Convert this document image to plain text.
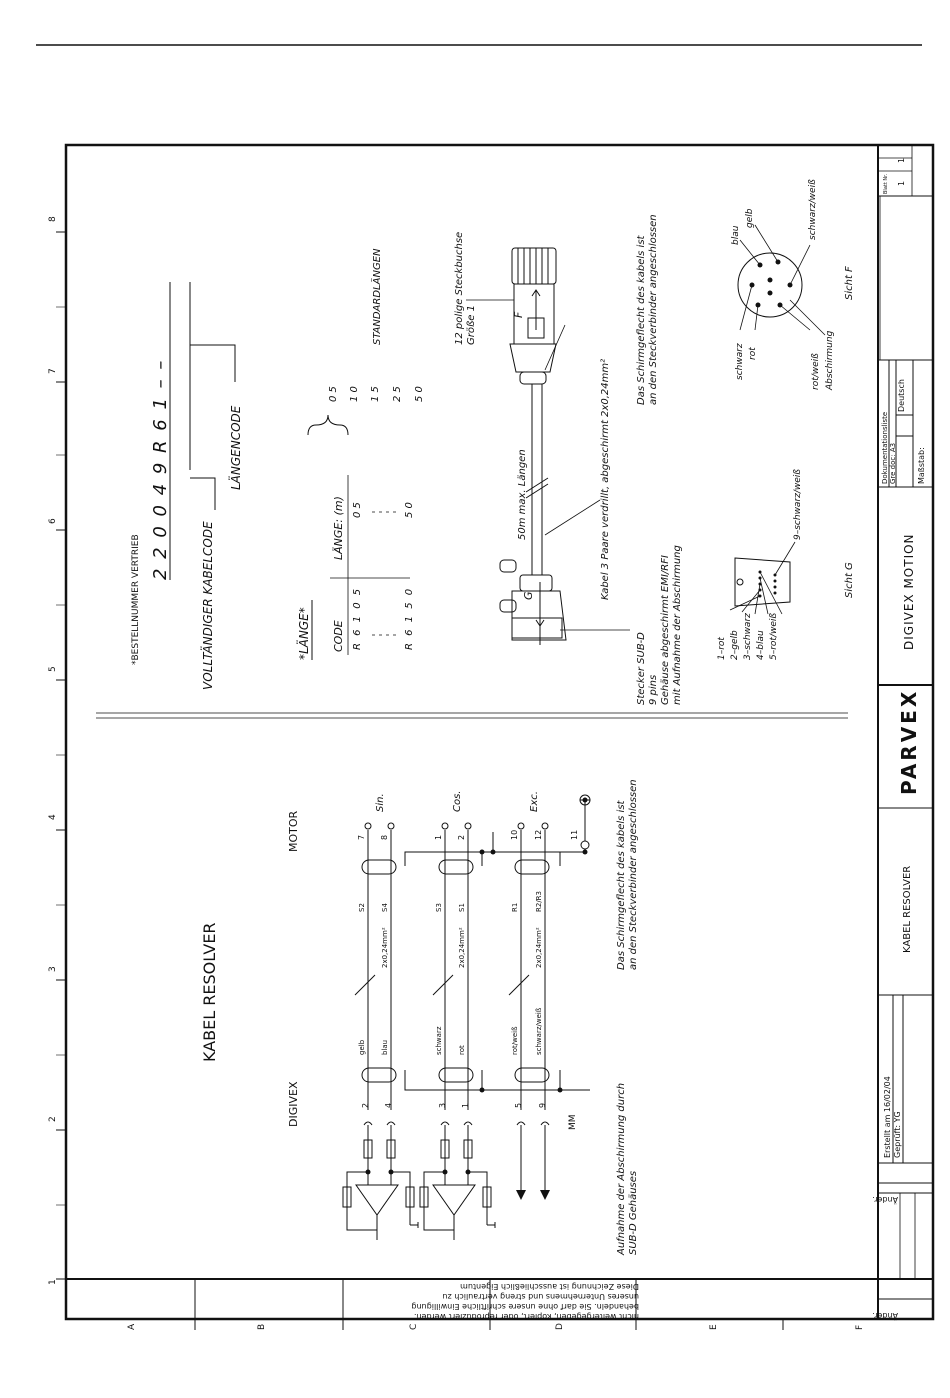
1
2
3
4
5
6
7
8
A	B	C	D	E	F
Diese Zeichnung ist ausschließlich Eigentum
unseres Unternehmens und streng vertraulich zu
behandeln. Sie darf ohne unsere schriftliche Einwilligung
nicht weitergegeben, kopiert, oder reproduziert werden.	Änder.
Änder.
Erstellt am 16/02/04 Geprüft: YG
KABEL RESOLVER
PARVEX
DIGIVEX MOTION
Dokumentationsliste Gre doc: A3
Deutsch
Maßstab:
Blatt Nr. 1
1
KABEL RESOLVER
DIGIVEX
MOTOR
2 4	3 1	5 9
MM
gelb blau	schwarz rot	rot/weiß schwarz/weiß
2x0,24mm²	2x0,24mm²	2x0,24mm²
S2 S4	S3 S1	R1 R2/R3
7 8	1 2	10 12	11
Sin.	Cos.	Exc.
Aufnahme der Abschirmung durch SUB-D Gehäuses
Das Schirmgeflecht des kabels ist an den Steckverbinder angeschlossen
*BESTELLNUMMER VERTRIEB
2 2 0 0 4 9 R 6 1 – –
VOLLTÄNDIGER KABELCODE
LÄNGENCODE
*LÄNGE* CODE
LÄNGE: (m)
R 6 1 0 5
0 5
R 6 1 5 0
5 0
0 5 1 0 1 5 2 5 5 0
STANDARDLÄNGEN	12 polige Steckbuchse Größe 1	F
50m max. Längen	Kabel 3 Paare verdrillt, abgeschirmt 2x0,24mm²
G
Stecker SUB-D 9 pins Gehäuse abgeschirmt EMI/RFI mit Aufnahme der Abschirmung
Das Schirmgeflecht des kabels ist an den Steckverbinder angeschlossen	schwarz rot
blau
gelb	schwarz/weiß
rot/weiß Abschirmung
Sicht F
1–rot 2–gelb 3–schwarz 4–blau 5–rot/weiß
9–schwarz/weiß
Sicht G
